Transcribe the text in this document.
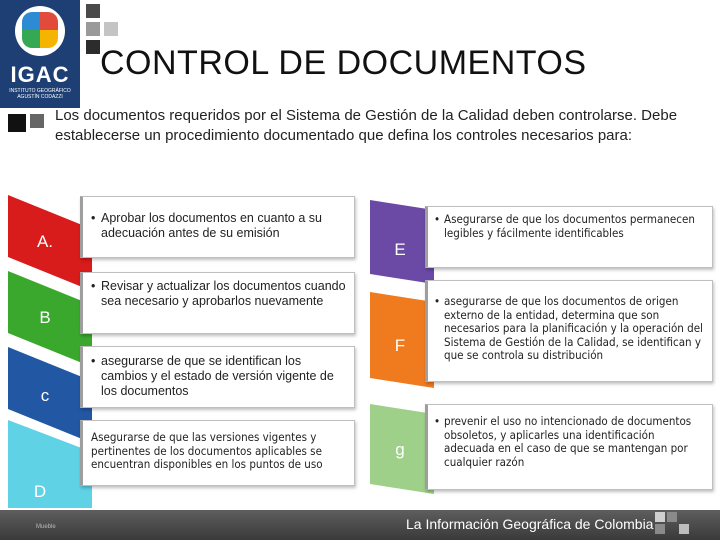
IGAC
INSTITUTO GEOGRÁFICO AGUSTÍN CODAZZI
CONTROL DE DOCUMENTOS
Los documentos requeridos por el Sistema de Gestión de la Calidad deben controlarse. Debe establecerse un procedimiento documentado que defina los controles necesarios para:
A.
B
c
D
• Aprobar los documentos en cuanto a su adecuación antes de su emisión
• Revisar y actualizar los documentos cuando sea necesario y aprobarlos nuevamente
• asegurarse de que se identifican los cambios y el estado de versión vigente de los documentos
Asegurarse de que las versiones vigentes y pertinentes de los documentos aplicables se encuentran disponibles en los puntos de uso
E
F
g
• Asegurarse de que los documentos permanecen legibles y fácilmente identificables
• asegurarse de que los documentos de origen externo de la entidad, determina que son necesarios para la planificación y la operación del Sistema de Gestión de la Calidad, se identifican y que se controla su distribución
• prevenir el uso no intencionado de documentos obsoletos, y aplicarles una identificación adecuada en el caso de que se mantengan por cualquier razón
La Información Geográfica de Colombia
Mueble
